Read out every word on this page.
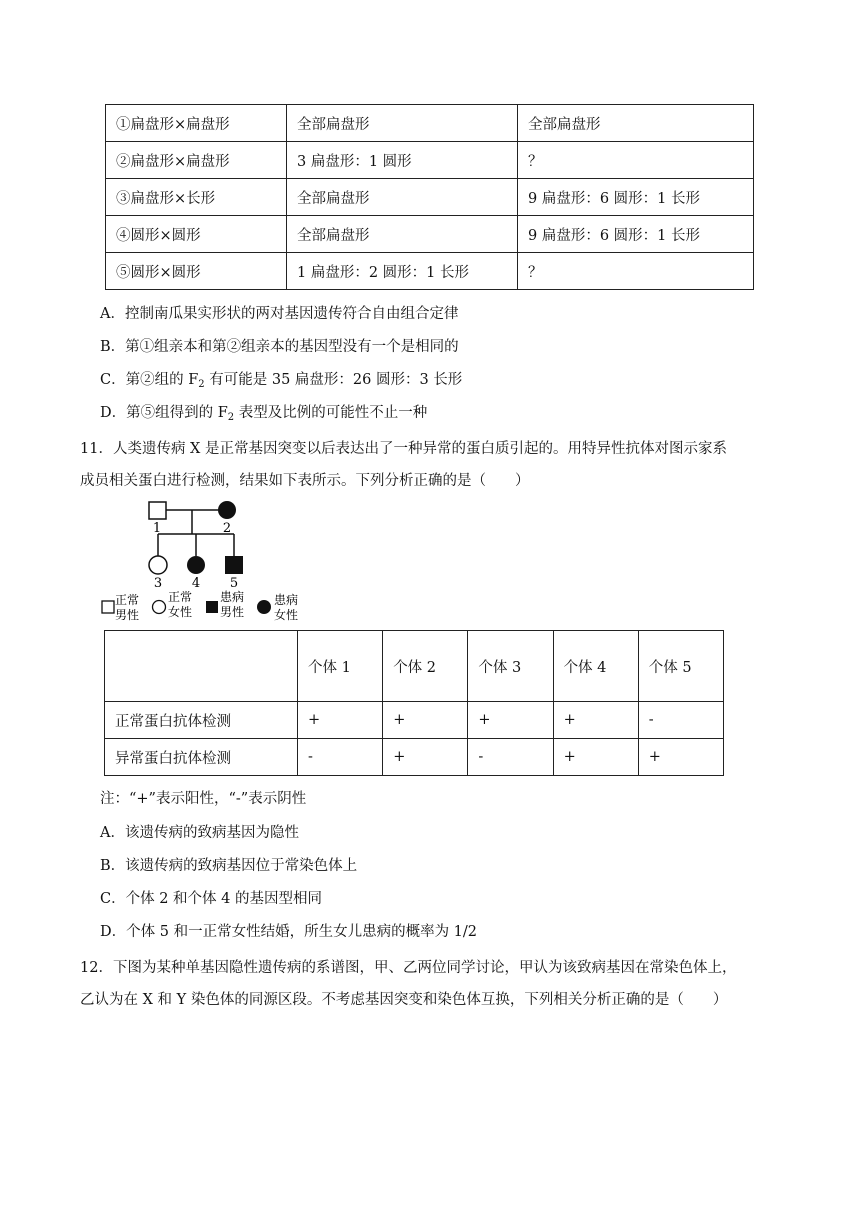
①扁盘形×扁盘形	全部扁盘形	全部扁盘形
②扁盘形×扁盘形	3 扁盘形：1 圆形	？
③扁盘形×长形	全部扁盘形	9 扁盘形：6 圆形：1 长形
④圆形×圆形	全部扁盘形	9 扁盘形：6 圆形：1 长形
⑤圆形×圆形	1 扁盘形：2 圆形：1 长形	？
A．控制南瓜果实形状的两对基因遗传符合自由组合定律
B．第①组亲本和第②组亲本的基因型没有一个是相同的
C．第②组的 $F_2$ 有可能是 35 扁盘形：26 圆形：3 长形
D．第⑤组得到的 $F_2$ 表型及比例的可能性不止一种
11．人类遗传病 X 是正常基因突变以后表达出了一种异常的蛋白质引起的。用特异性抗体对图示家系
成员相关蛋白进行检测，结果如下表所示。下列分析正确的是（　　）
1	2
3 4 5
正常
男性
正常
女性
患病
男性
患病
女性
	个体 1	个体 2	个体 3	个体 4	个体 5
正常蛋白抗体检测	+	+	+	+	-
异常蛋白抗体检测	-	+	-	+	+
注：“+”表示阳性，“-”表示阴性
A．该遗传病的致病基因为隐性
B．该遗传病的致病基因位于常染色体上
C．个体 2 和个体 4 的基因型相同
D．个体 5 和一正常女性结婚，所生女儿患病的概率为 1/2
12．下图为某种单基因隐性遗传病的系谱图，甲、乙两位同学讨论，甲认为该致病基因在常染色体上，
乙认为在 X 和 Y 染色体的同源区段。不考虑基因突变和染色体互换，下列相关分析正确的是（　　）
